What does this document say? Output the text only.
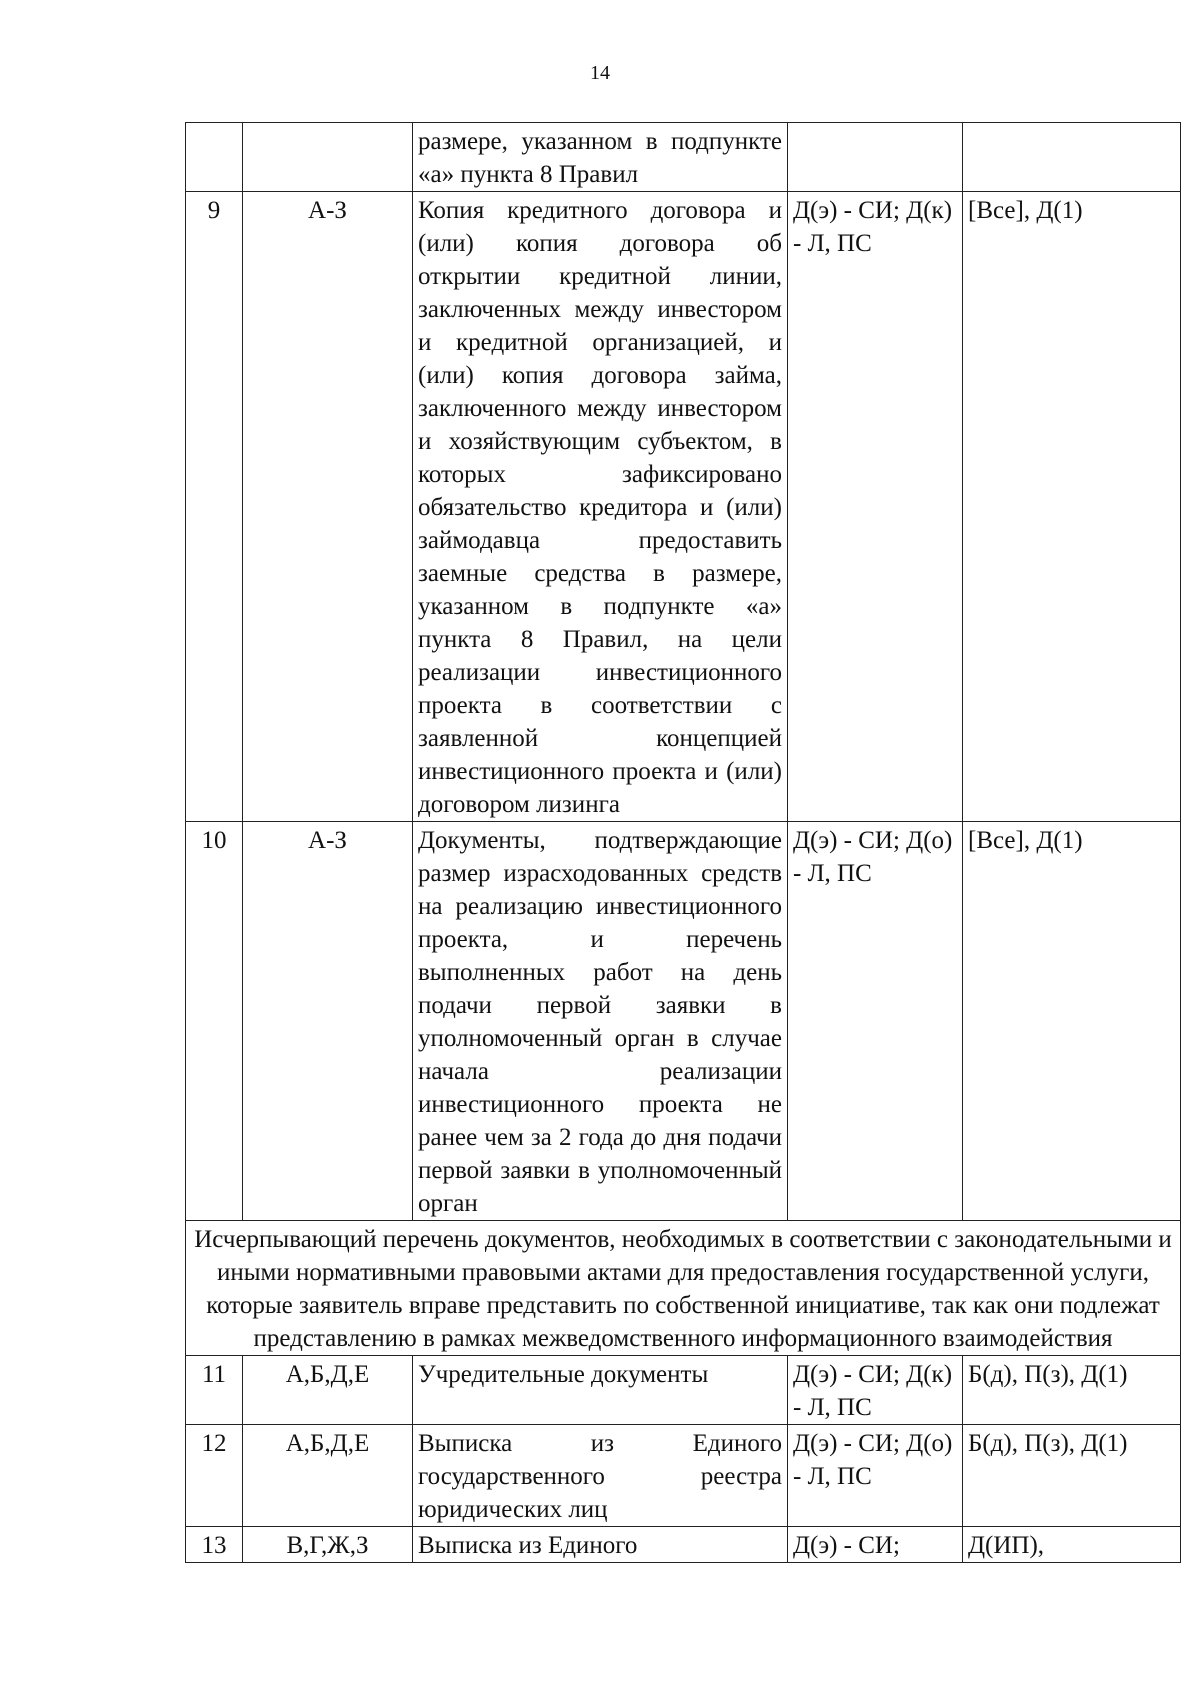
14
		размере, указанном в подпункте «а» пункта 8 Правил		
9	А-З	Копия кредитного договора и (или) копия договора об открытии кредитной линии, заключенных между инвестором и кредитной организацией, и (или) копия договора займа, заключенного между инвестором и хозяйствующим субъектом, в которых зафиксировано обязательство кредитора и (или) займодавца предоставить заемные средства в размере, указанном в подпункте «а» пункта 8 Правил, на цели реализации инвестиционного проекта в соответствии с заявленной концепцией инвестиционного проекта и (или) договором лизинга	Д(э) - СИ; Д(к) - Л, ПС	[Все], Д(1)
10	А-З	Документы, подтверждающие размер израсходованных средств на реализацию инвестиционного проекта, и перечень выполненных работ на день подачи первой заявки в уполномоченный орган в случае начала реализации инвестиционного проекта не ранее чем за 2 года до дня подачи первой заявки в уполномоченный орган	Д(э) - СИ; Д(о) - Л, ПС	[Все], Д(1)
Исчерпывающий перечень документов, необходимых в соответствии с законодательными и иными нормативными правовыми актами для предоставления государственной услуги, которые заявитель вправе представить по собственной инициативе, так как они подлежат представлению в рамках межведомственного информационного взаимодействия				
11	А,Б,Д,Е	Учредительные документы	Д(э) - СИ; Д(к) - Л, ПС	Б(д), П(з), Д(1)
12	А,Б,Д,Е	Выписка из Единого государственного реестра юридических лиц	Д(э) - СИ; Д(о) - Л, ПС	Б(д), П(з), Д(1)
13	В,Г,Ж,З	Выписка из Единого	Д(э) - СИ;	Д(ИП),
